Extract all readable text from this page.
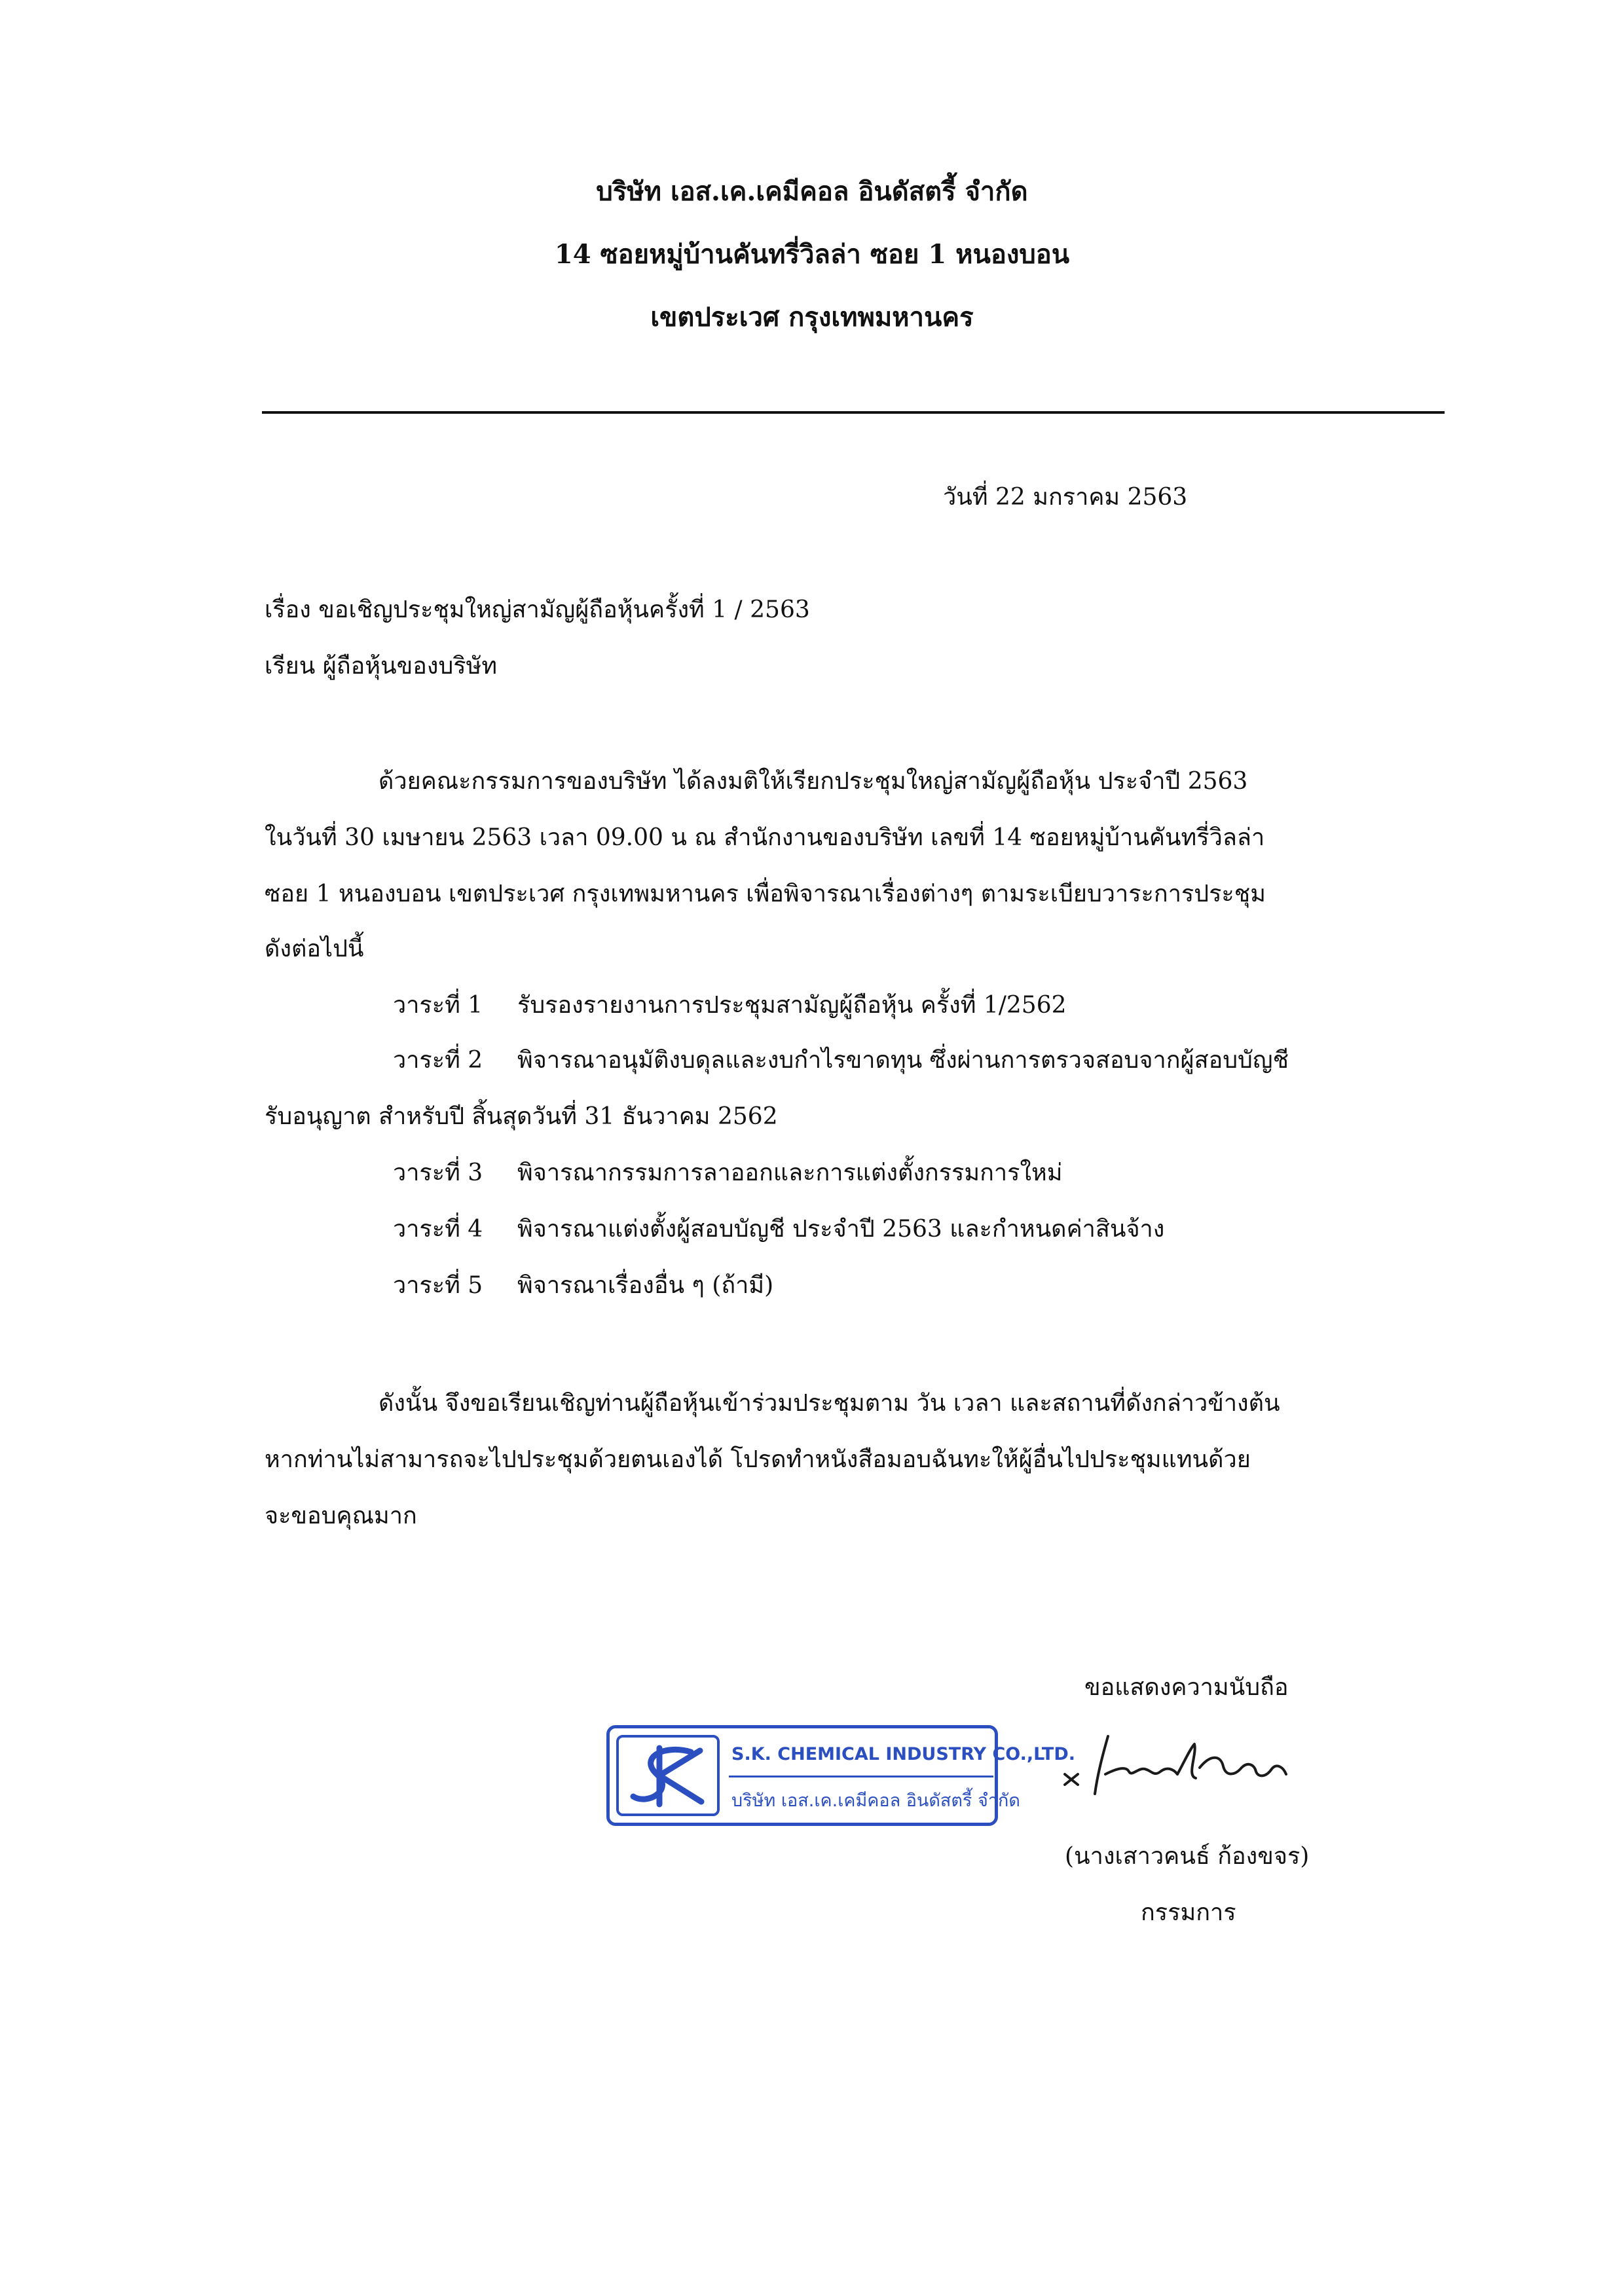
บริษัท เอส.เค.เคมีคอล อินดัสตรี้ จำกัด
14 ซอยหมู่บ้านคันทรี่วิลล่า ซอย 1 หนองบอน
เขตประเวศ กรุงเทพมหานคร
วันที่ 22 มกราคม 2563
เรื่อง ขอเชิญประชุมใหญ่สามัญผู้ถือหุ้นครั้งที่ 1 / 2563
เรียน ผู้ถือหุ้นของบริษัท
ด้วยคณะกรรมการของบริษัท ได้ลงมติให้เรียกประชุมใหญ่สามัญผู้ถือหุ้น ประจำปี 2563
ในวันที่ 30 เมษายน 2563 เวลา 09.00 น ณ สำนักงานของบริษัท เลขที่ 14 ซอยหมู่บ้านคันทรี่วิลล่า
ซอย 1 หนองบอน เขตประเวศ กรุงเทพมหานคร เพื่อพิจารณาเรื่องต่างๆ ตามระเบียบวาระการประชุม
ดังต่อไปนี้
วาระที่ 1 รับรองรายงานการประชุมสามัญผู้ถือหุ้น ครั้งที่ 1/2562
วาระที่ 2 พิจารณาอนุมัติงบดุลและงบกำไรขาดทุน ซึ่งผ่านการตรวจสอบจากผู้สอบบัญชี
รับอนุญาต สำหรับปี สิ้นสุดวันที่ 31 ธันวาคม 2562
วาระที่ 3 พิจารณากรรมการลาออกและการแต่งตั้งกรรมการใหม่
วาระที่ 4 พิจารณาแต่งตั้งผู้สอบบัญชี ประจำปี 2563 และกำหนดค่าสินจ้าง
วาระที่ 5 พิจารณาเรื่องอื่น ๆ (ถ้ามี)
ดังนั้น จึงขอเรียนเชิญท่านผู้ถือหุ้นเข้าร่วมประชุมตาม วัน เวลา และสถานที่ดังกล่าวข้างต้น
หากท่านไม่สามารถจะไปประชุมด้วยตนเองได้ โปรดทำหนังสือมอบฉันทะให้ผู้อื่นไปประชุมแทนด้วย
จะขอบคุณมาก
ขอแสดงความนับถือ
S.K. CHEMICAL INDUSTRY CO.,LTD.
บริษัท เอส.เค.เคมีคอล อินดัสตรี้ จำกัด
(นางเสาวคนธ์ ก้องขจร)
กรรมการ
